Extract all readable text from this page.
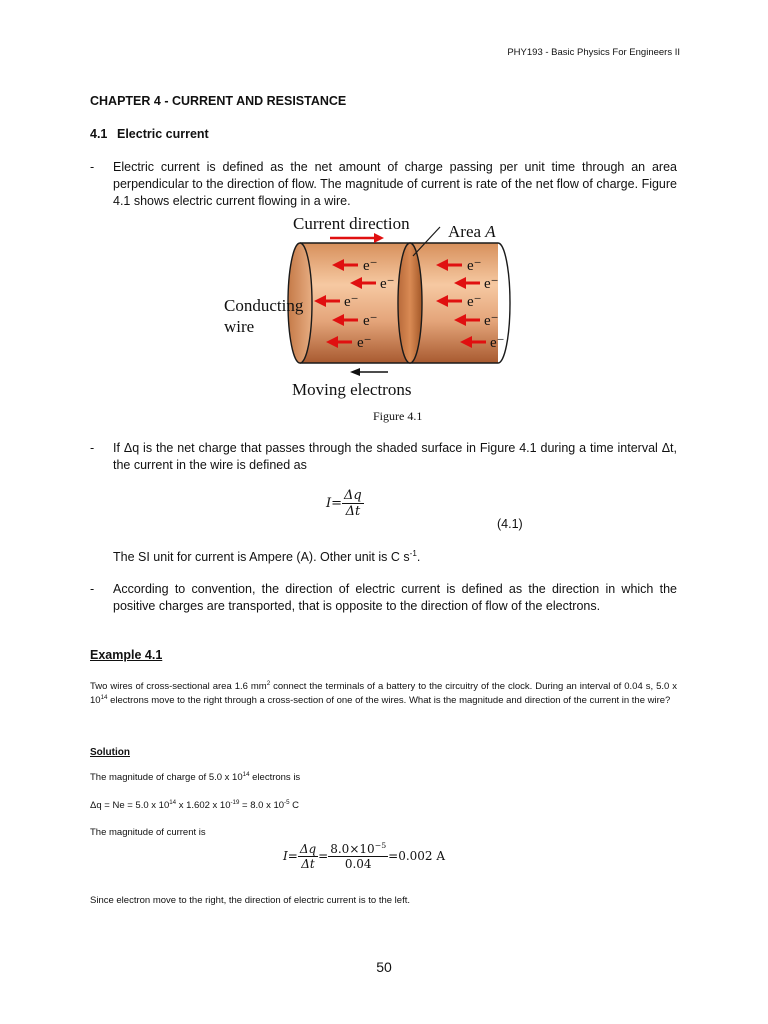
PHY193 - Basic Physics For Engineers II
CHAPTER 4 - CURRENT AND RESISTANCE
4.1 Electric current
- Electric current is defined as the net amount of charge passing per unit time through an area perpendicular to the direction of flow. The magnitude of current is rate of the net flow of charge. Figure 4.1 shows electric current flowing in a wire.
e⁻
e⁻
e⁻
e⁻
e⁻
e⁻
e⁻
e⁻
e⁻
e⁻
Current direction Area A
Conducting
wire
Moving electrons
Figure 4.1
- If Δq is the net charge that passes through the shaded surface in Figure 4.1 during a time interval Δt, the current in the wire is defined as
$I= \frac{\Delta q}{\Delta t}$
(4.1)
The SI unit for current is Ampere (A). Other unit is C $s^{-1}$.
- According to convention, the direction of electric current is defined as the direction in which the positive charges are transported, that is opposite to the direction of flow of the electrons.
Example 4.1
Two wires of cross-sectional area 1.6 $mm^2$ connect the terminals of a battery to the circuitry of the clock. During an interval of 0.04 s, 5.0 x $10^{14}$ electrons move to the right through a cross-section of one of the wires. What is the magnitude and direction of the current in the wire?
Solution
The magnitude of charge of 5.0 x $10^{14}$ electrons is
Δq = Ne = 5.0 x $10^{14}$ x 1.602 x $10^{-19} = 8.0$ x $10^{-5}$ C
The magnitude of current is
$I= \frac{\Delta q}{\Delta t} = \frac{8.0\times 10^{-5}}{0.04} =0.002$ A
Since electron move to the right, the direction of electric current is to the left.
50
